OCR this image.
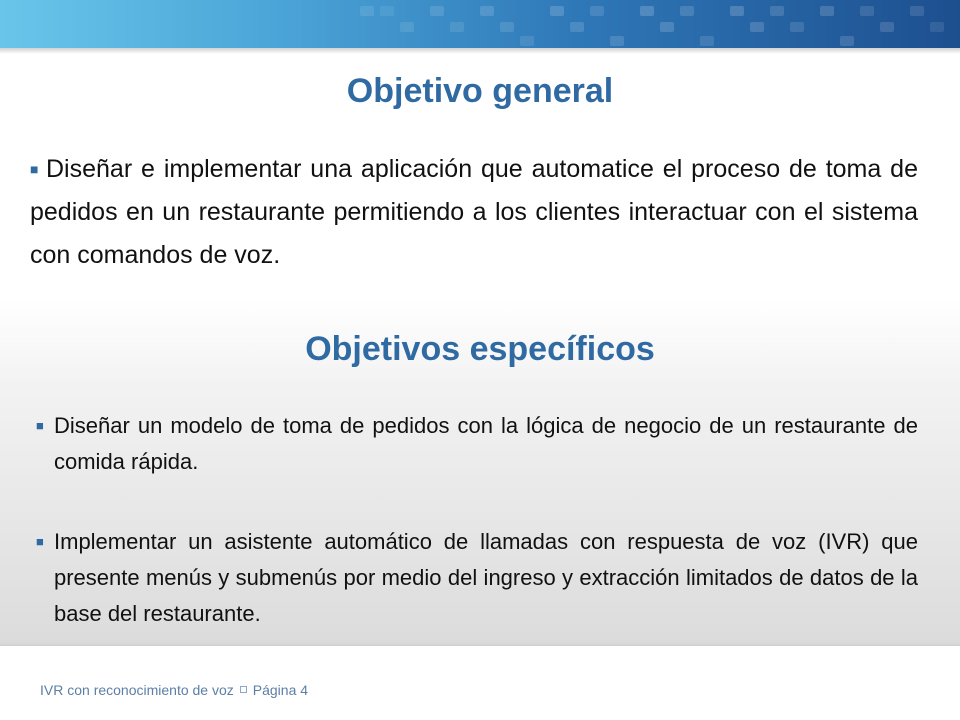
Objetivo general
■ Diseñar e implementar una aplicación que automatice el proceso de toma de pedidos en un restaurante permitiendo a los clientes interactuar con el sistema con comandos de voz.
Objetivos específicos
■ Diseñar un modelo de toma de pedidos con la lógica de negocio de un restaurante de comida rápida.
■ Implementar un asistente automático de llamadas con respuesta de voz (IVR) que presente menús y submenús por medio del ingreso y extracción limitados de datos de la base del restaurante.
IVR con reconocimiento de voz Página 4
